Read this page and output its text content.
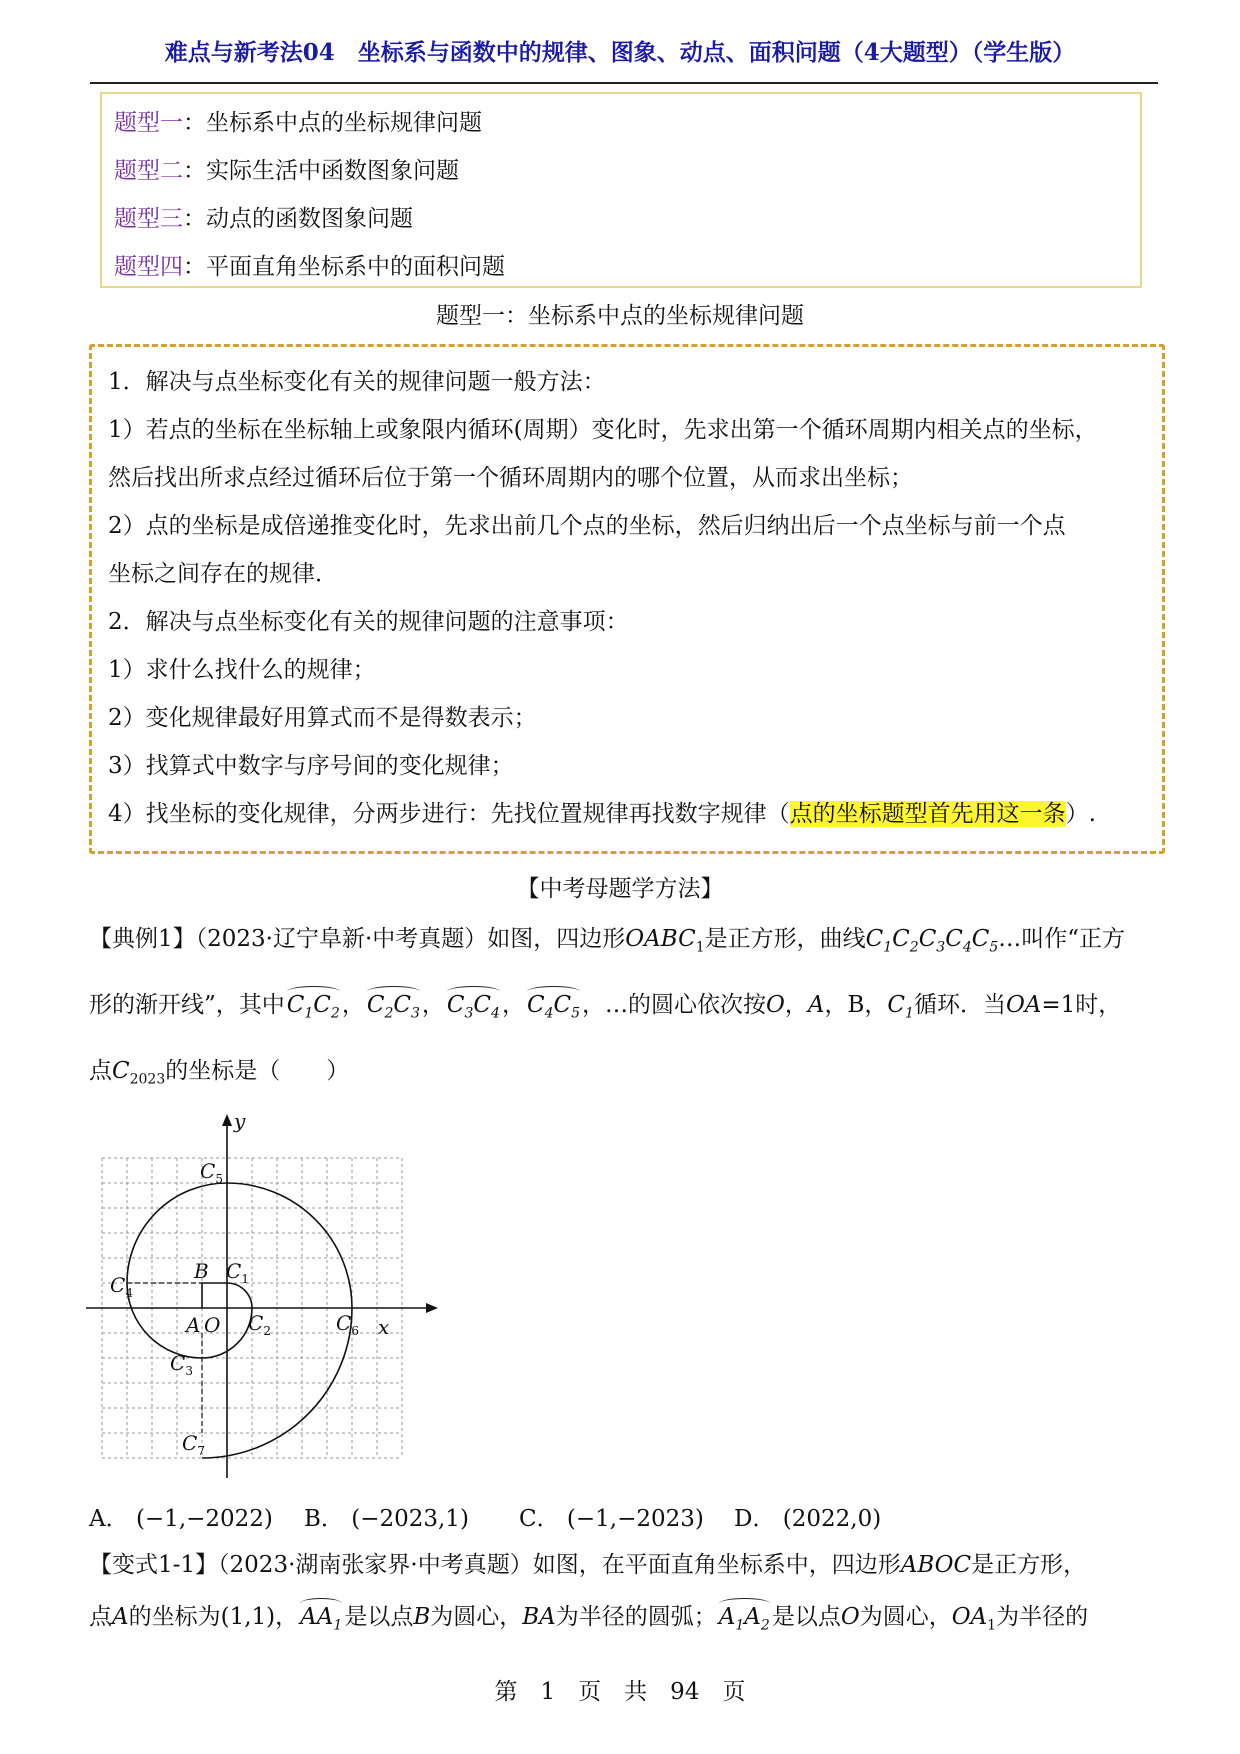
难点与新考法04　坐标系与函数中的规律、图象、动点、面积问题（4大题型）（学生版）
题型一：坐标系中点的坐标规律问题
题型二：实际生活中函数图象问题
题型三：动点的函数图象问题
题型四：平面直角坐标系中的面积问题
题型一：坐标系中点的坐标规律问题
1．解决与点坐标变化有关的规律问题一般方法：
1）若点的坐标在坐标轴上或象限内循环(周期）变化时，先求出第一个循环周期内相关点的坐标，
然后找出所求点经过循环后位于第一个循环周期内的哪个位置，从而求出坐标；
2）点的坐标是成倍递推变化时，先求出前几个点的坐标，然后归纳出后一个点坐标与前一个点
坐标之间存在的规律．
2．解决与点坐标变化有关的规律问题的注意事项：
1）求什么找什么的规律；
2）变化规律最好用算式而不是得数表示；
3）找算式中数字与序号间的变化规律；
4）找坐标的变化规律，分两步进行：先找位置规律再找数字规律（点的坐标题型首先用这一条）.
【中考母题学方法】
【典例1】（2023·辽宁阜新·中考真题）如图，四边形$OABC_1$是正方形，曲线$C_1C_2C_3C_4C_5\dots$叫作“正方
形的渐开线”，其中$C_1C_2$，$C_2C_3$，$C_3C_4$，$C_4C_5$，…的圆心依次按O，A，B，$C_1$循环．当OA=1时，
点$C_{2023}$的坐标是（　　）
y
x
O
A
B $C_1$
$C_2$
$C_3$
$C_4$
$C_5$
$C_6$
$C_7$
A． (−1,−2022) B． (−2023,1) C． (−1,−2023) D． (2022,0)
【变式1-1】（2023·湖南张家界·中考真题）如图，在平面直角坐标系中，四边形ABOC是正方形，
点A的坐标为(1,1)，$AA_1$是以点B为圆心，BA为半径的圆弧；$A_1A_2$是以点O为圆心，$OA_1$为半径的
第　1　页　共　94　页
